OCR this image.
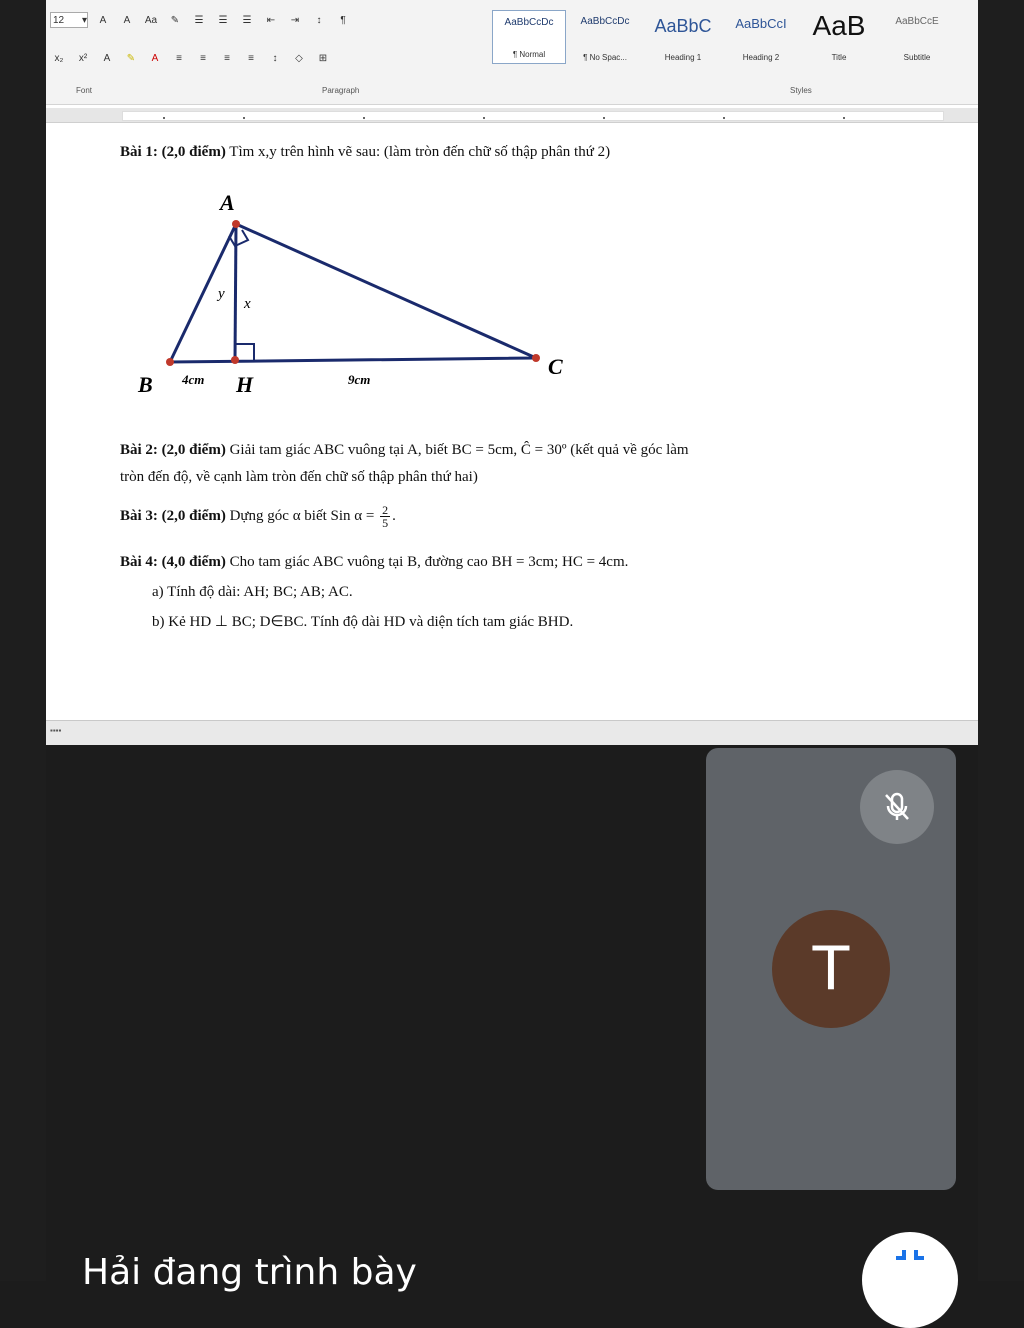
12 ▾	A	A	Aa	✎	☰	☰	☰	⇤	⇥	↕	¶
x₂	x²	A	✎	A	≡	≡	≡	≡	↕	◇	⊞
AaBbCcDc
¶ Normal
AaBbCcDc
¶ No Spac...
AaBbC
Heading 1
AaBbCcI
Heading 2
AaB
Title
AaBbCcE
Subtitle
Font	Paragraph	Styles
Bài 1: (2,0 điểm) Tìm x,y trên hình vẽ sau: (làm tròn đến chữ số thập phân thứ 2)
A
B	H
C
y
x
4cm	9cm
Bài 2: (2,0 điểm) Giải tam giác ABC vuông tại A, biết BC = 5cm, Ĉ = 30º (kết quả về góc làm
tròn đến độ, về cạnh làm tròn đến chữ số thập phân thứ hai)
Bài 3: (2,0 điểm) Dựng góc α biết Sin $\alpha = \frac{2}{5}$ .
Bài 4: (4,0 điểm) Cho tam giác ABC vuông tại B, đường cao BH = 3cm; HC = 4cm.
a) Tính độ dài: AH; BC; AB; AC.
b) Kẻ HD ⊥ BC; D∈BC. Tính độ dài HD và diện tích tam giác BHD.
▪▪▪▪
T
Hải đang trình bày
